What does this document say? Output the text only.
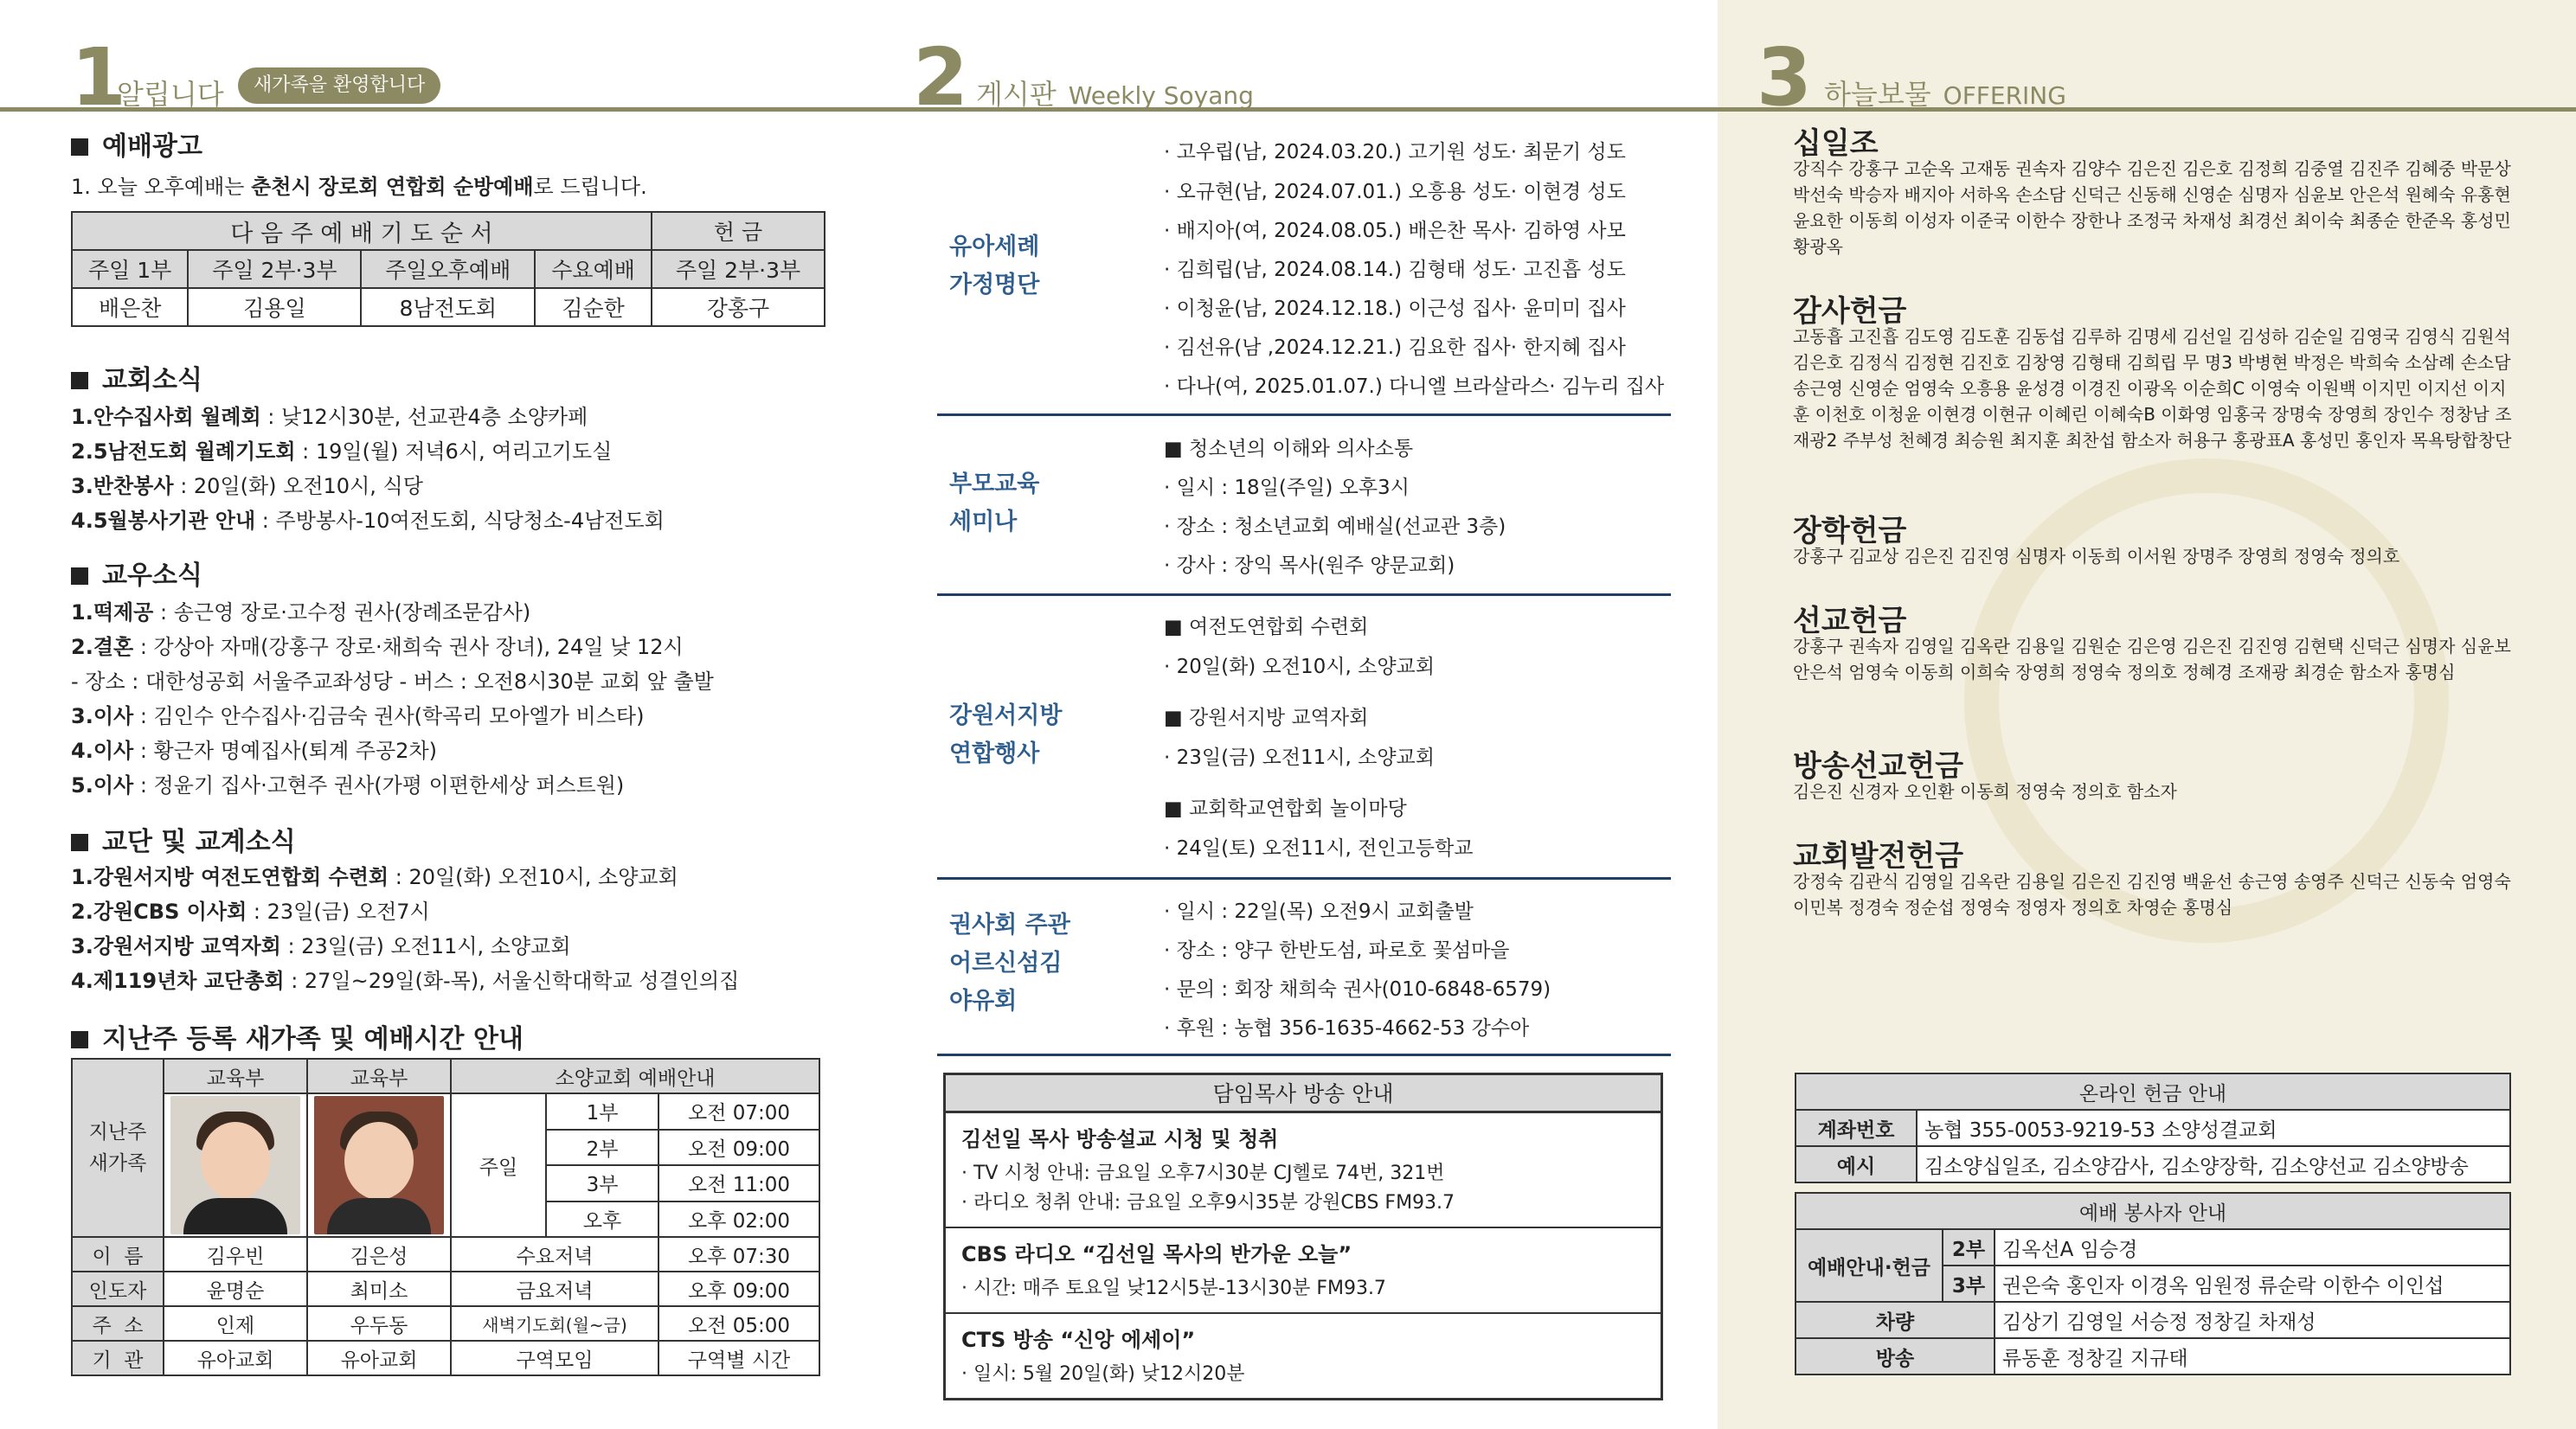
1
알립니다	새가족을 환영합니다
예배광고
1. 오늘 오후예배는 춘천시 장로회 연합회 순방예배로 드립니다.
다 음 주 예 배 기 도 순 서				헌 금
주일 1부	주일 2부·3부	주일오후예배	수요예배	주일 2부·3부
배은찬	김용일	8남전도회	김순한	강홍구
교회소식
1.안수집사회 월례회 : 낮12시30분, 선교관4층 소양카페
2.5남전도회 월례기도회 : 19일(월) 저녁6시, 여리고기도실
3.반찬봉사 : 20일(화) 오전10시, 식당
4.5월봉사기관 안내 : 주방봉사-10여전도회, 식당청소-4남전도회
교우소식
1.떡제공 : 송근영 장로·고수정 권사(장례조문감사)
2.결혼 : 강상아 자매(강홍구 장로·채희숙 권사 장녀), 24일 낮 12시
- 장소 : 대한성공회 서울주교좌성당 - 버스 : 오전8시30분 교회 앞 출발
3.이사 : 김인수 안수집사·김금숙 권사(학곡리 모아엘가 비스타)
4.이사 : 황근자 명예집사(퇴계 주공2차)
5.이사 : 정윤기 집사·고현주 권사(가평 이편한세상 퍼스트원)
교단 및 교계소식
1.강원서지방 여전도연합회 수련회 : 20일(화) 오전10시, 소양교회
2.강원CBS 이사회 : 23일(금) 오전7시
3.강원서지방 교역자회 : 23일(금) 오전11시, 소양교회
4.제119년차 교단총회 : 27일~29일(화-목), 서울신학대학교 성결인의집
지난주 등록 새가족 및 예배시간 안내
지난주
새가족	교육부	교육부	소양교회 예배안내		

		주일	1부	오전 07:00
				2부	오전 09:00
				3부	오전 11:00
				오후	오후 02:00
이  름	김우빈	김은성	수요저녁		오후 07:30
인도자	윤명순	최미소	금요저녁		오후 09:00
주  소	인제	우두동	새벽기도회(월~금)		오전 05:00
기  관	유아교회	유아교회	구역모임		구역별 시간
2 게시판 Weekly Soyang
유아세례
가정명단
· 고우립(남, 2024.03.20.) 고기원 성도· 최문기 성도
· 오규현(남, 2024.07.01.) 오흥용 성도· 이현경 성도
· 배지아(여, 2024.08.05.) 배은찬 목사· 김하영 사모
· 김희립(남, 2024.08.14.) 김형태 성도· 고진흡 성도
· 이청윤(남, 2024.12.18.) 이근성 집사· 윤미미 집사
· 김선유(남 ,2024.12.21.) 김요한 집사· 한지혜 집사
· 다나(여, 2025.01.07.) 다니엘 브라살라스· 김누리 집사
부모교육
세미나
■ 청소년의 이해와 의사소통
· 일시 : 18일(주일) 오후3시
· 장소 : 청소년교회 예배실(선교관 3층)
· 강사 : 장익 목사(원주 양문교회)
강원서지방
연합행사
■ 여전도연합회 수련회
· 20일(화) 오전10시, 소양교회
■ 강원서지방 교역자회
· 23일(금) 오전11시, 소양교회
■ 교회학교연합회 놀이마당
· 24일(토) 오전11시, 전인고등학교
권사회 주관
어르신섬김
야유회
· 일시 : 22일(목) 오전9시 교회출발
· 장소 : 양구 한반도섬, 파로호 꽃섬마을
· 문의 : 회장 채희숙 권사(010-6848-6579)
· 후원 : 농협 356-1635-4662-53 강수아
담임목사 방송 안내
김선일 목사 방송설교 시청 및 청취
· TV 시청 안내: 금요일 오후7시30분 CJ헬로 74번, 321번
· 라디오 청취 안내: 금요일 오후9시35분 강원CBS FM93.7
CBS 라디오 “김선일 목사의 반가운 오늘”
· 시간: 매주 토요일 낮12시5분-13시30분 FM93.7
CTS 방송 “신앙 에세이”
· 일시: 5월 20일(화) 낮12시20분
3 하늘보물 OFFERING
십일조
강직수 강홍구 고순옥 고재동 권속자 김양수 김은진 김은호 김정희 김중열 김진주 김혜중 박문상 박선숙 박승자 배지아 서하옥 손소담 신덕근 신동해 신영순 심명자 심윤보 안은석 원혜숙 유홍현 윤요한 이동희 이성자 이준국 이한수 장한나 조정국 차재성 최경선 최이숙 최종순 한준옥 홍성민 황광옥
감사헌금
고동흡 고진흡 김도영 김도훈 김동섭 김루하 김명세 김선일 김성하 김순일 김영국 김영식 김원석 김은호 김정식 김정현 김진호 김창영 김형태 김희립 무 명3 박병현 박정은 박희숙 소삼례 손소담 송근영 신영순 엄영숙 오흥용 윤성경 이경진 이광옥 이순희C 이영숙 이원백 이지민 이지선 이지훈 이천호 이청윤 이현경 이현규 이혜린 이혜숙B 이화영 임홍국 장명숙 장영희 장인수 정창남 조재광2 주부성 천혜경 최승원 최지훈 최찬섭 함소자 허용구 홍광표A 홍성민 홍인자 목욕탕합창단
장학헌금
강홍구 김교상 김은진 김진영 심명자 이동희 이서원 장명주 장영희 정영숙 정의호
선교헌금
강홍구 권속자 김영일 김옥란 김용일 김원순 김은영 김은진 김진영 김현택 신덕근 심명자 심윤보 안은석 엄영숙 이동희 이희숙 장영희 정영숙 정의호 정혜경 조재광 최경순 함소자 홍명심
방송선교헌금
김은진 신경자 오인환 이동희 정영숙 정의호 함소자
교회발전헌금
강정숙 김관식 김영일 김옥란 김용일 김은진 김진영 백윤선 송근영 송영주 신덕근 신동숙 엄영숙 이민복 정경숙 정순섭 정영숙 정영자 정의호 차영순 홍명심
온라인 헌금 안내	
계좌번호	농협 355-0053-9219-53 소양성결교회
예시	김소양십일조, 김소양감사, 김소양장학, 김소양선교 김소양방송
예배 봉사자 안내		
예배안내·헌금	2부	김옥선A 임승경
	3부	권은숙 홍인자 이경옥 임원정 류순락 이한수 이인섭
차량		김상기 김영일 서승정 정창길 차재성
방송		류동훈 정창길 지규태
